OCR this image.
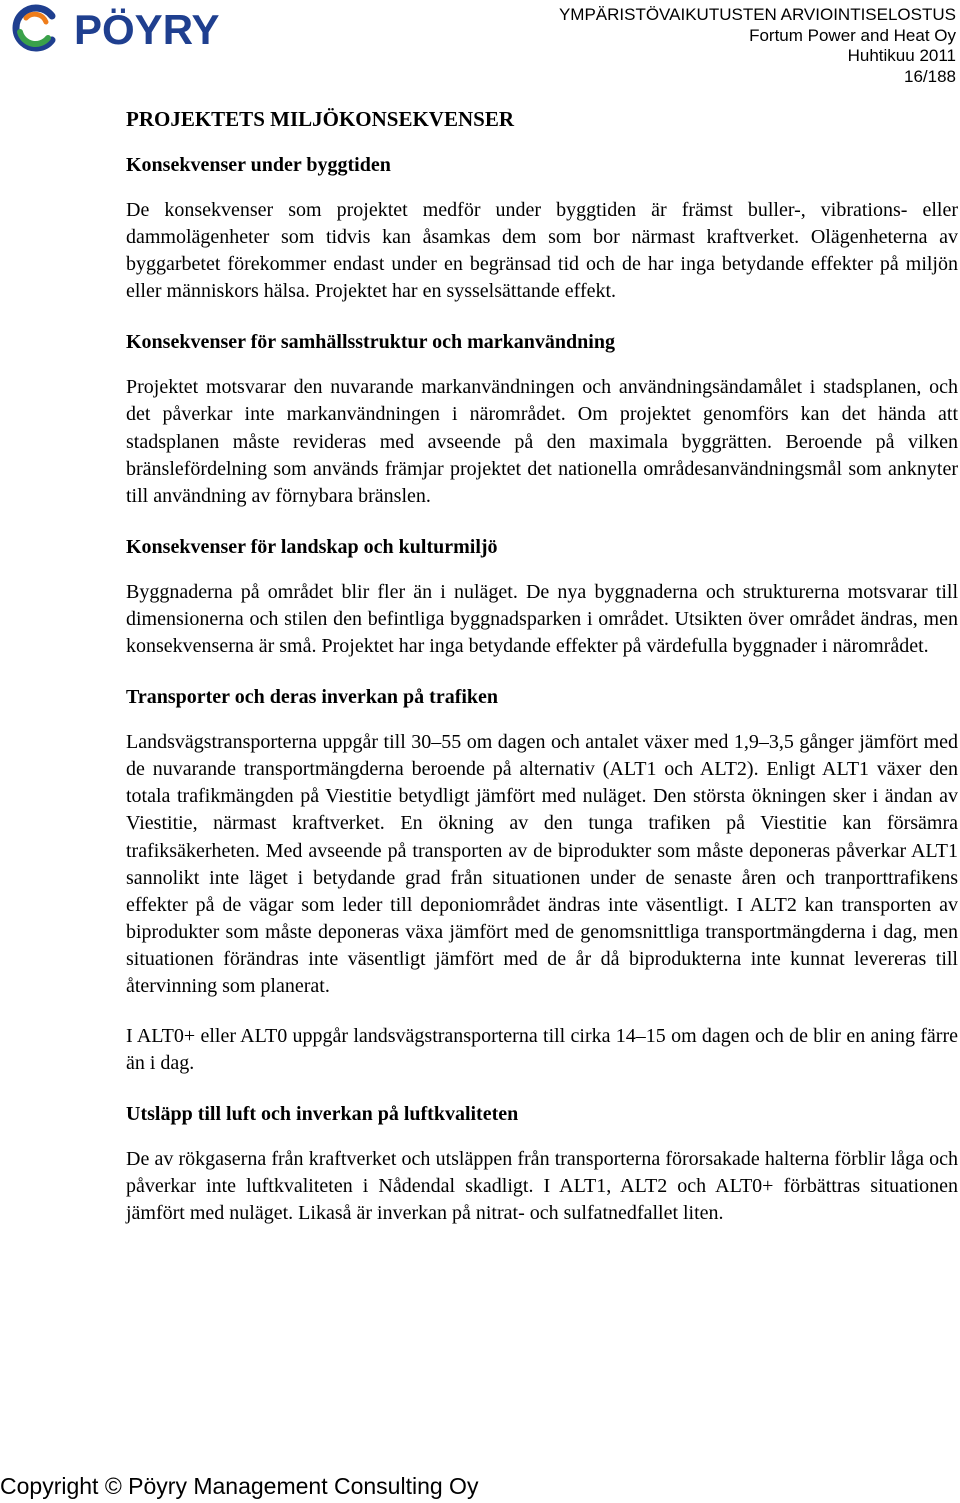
PÖYRY	YMPÄRISTÖVAIKUTUSTEN ARVIOINTISELOSTUS
Fortum Power and Heat Oy
Huhtikuu 2011
16/188
PROJEKTETS MILJÖKONSEKVENSER
Konsekvenser under byggtiden

De konsekvenser som projektet medför under byggtiden är främst buller-, vibrations- eller dammolägenheter som tidvis kan åsamkas dem som bor närmast kraftverket. Olägenheterna av byggarbetet förekommer endast under en begränsad tid och de har inga betydande effekter på miljön eller människors hälsa. Projektet har en sysselsättande effekt.

Konsekvenser för samhällsstruktur och markanvändning

Projektet motsvarar den nuvarande markanvändningen och användningsändamålet i stadsplanen, och det påverkar inte markanvändningen i närområdet. Om projektet genomförs kan det hända att stadsplanen måste revideras med avseende på den maximala byggrätten. Beroende på vilken bränslefördelning som används främjar projektet det nationella områdesanvändningsmål som anknyter till användning av förnybara bränslen.

Konsekvenser för landskap och kulturmiljö

Byggnaderna på området blir fler än i nuläget. De nya byggnaderna och strukturerna motsvarar till dimensionerna och stilen den befintliga byggnadsparken i området. Utsikten över området ändras, men konsekvenserna är små. Projektet har inga betydande effekter på värdefulla byggnader i närområdet.

Transporter och deras inverkan på trafiken

Landsvägstransporterna uppgår till 30–55 om dagen och antalet växer med 1,9–3,5 gånger jämfört med de nuvarande transportmängderna beroende på alternativ (ALT1 och ALT2). Enligt ALT1 växer den totala trafikmängden på Viestitie betydligt jämfört med nuläget. Den största ökningen sker i ändan av Viestitie, närmast kraftverket. En ökning av den tunga trafiken på Viestitie kan försämra trafiksäkerheten. Med avseende på transporten av de biprodukter som måste deponeras påverkar ALT1 sannolikt inte läget i betydande grad från situationen under de senaste åren och tranporttrafikens effekter på de vägar som leder till deponiområdet ändras inte väsentligt. I ALT2 kan transporten av biprodukter som måste deponeras växa jämfört med de genomsnittliga transportmängderna i dag, men situationen förändras inte väsentligt jämfört med de år då biprodukterna inte kunnat levereras till återvinning som planerat.

I ALT0+ eller ALT0 uppgår landsvägstransporterna till cirka 14–15 om dagen och de blir en aning färre än i dag.

Utsläpp till luft och inverkan på luftkvaliteten

De av rökgaserna från kraftverket och utsläppen från transporterna förorsakade halterna förblir låga och påverkar inte luftkvaliteten i Nådendal skadligt. I ALT1, ALT2 och ALT0+ förbättras situationen jämfört med nuläget. Likaså är inverkan på nitrat- och sulfatnedfallet liten.

Copyright © Pöyry Management Consulting Oy
